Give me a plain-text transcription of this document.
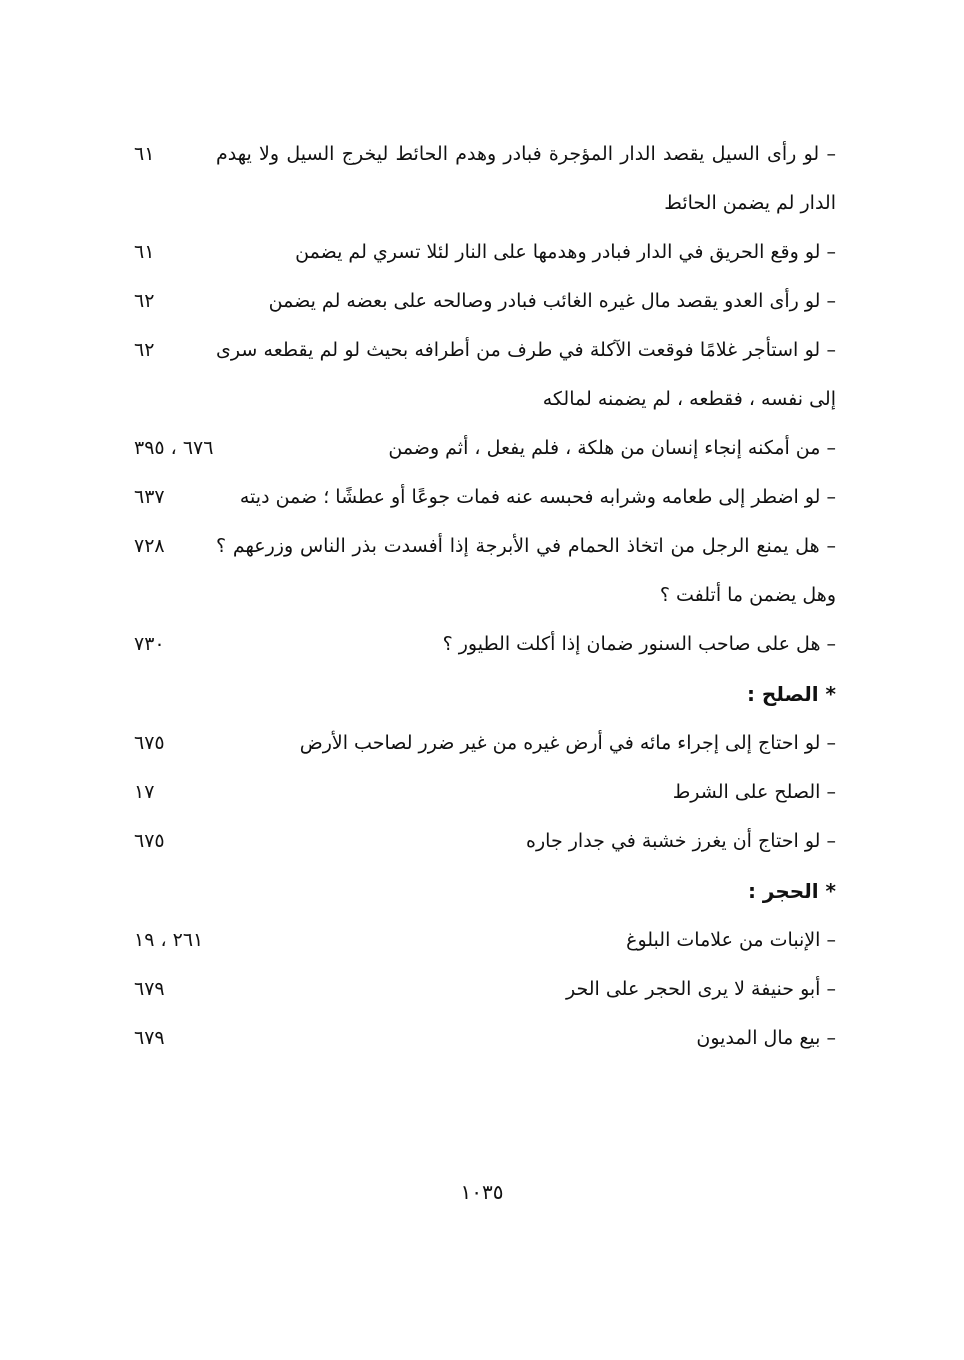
– لو رأى السيل يقصد الدار المؤجرة فبادر وهدم الحائط ليخرج السيل ولا يهدم الدار لم يضمن الحائط
٦١
– لو وقع الحريق في الدار فبادر وهدمها على النار لئلا تسري لم يضمن
٦١
– لو رأى العدو يقصد مال غيره الغائب فبادر وصالحه على بعضه لم يضمن
٦٢
– لو استأجر غلامًا فوقعت الآكلة في طرف من أطرافه بحيث لو لم يقطعه سرى إلى نفسه ، فقطعه ، لم يضمنه لمالكه
٦٢
– من أمكنه إنجاء إنسان من هلكة ، فلم يفعل ، أثم وضمن
٦٧٦ ، ٣٩٥
– لو اضطر إلى طعامه وشرابه فحبسه عنه فمات جوعًا أو عطشًا ؛ ضمن ديته
٦٣٧
– هل يمنع الرجل من اتخاذ الحمام في الأبرجة إذا أفسدت بذر الناس وزرعهم ؟ وهل يضمن ما أتلفت ؟
٧٢٨
– هل على صاحب السنور ضمان إذا أكلت الطيور ؟
٧٣٠
* الصلح :
– لو احتاج إلى إجراء مائه في أرض غيره من غير ضرر لصاحب الأرض
٦٧٥
– الصلح على الشرط
١٧
– لو احتاج أن يغرز خشبة في جدار جاره
٦٧٥
* الحجر :
– الإنبات من علامات البلوغ
٢٦١ ، ١٩
– أبو حنيفة لا يرى الحجر على الحر
٦٧٩
– بيع مال المديون
٦٧٩
١٠٣٥
